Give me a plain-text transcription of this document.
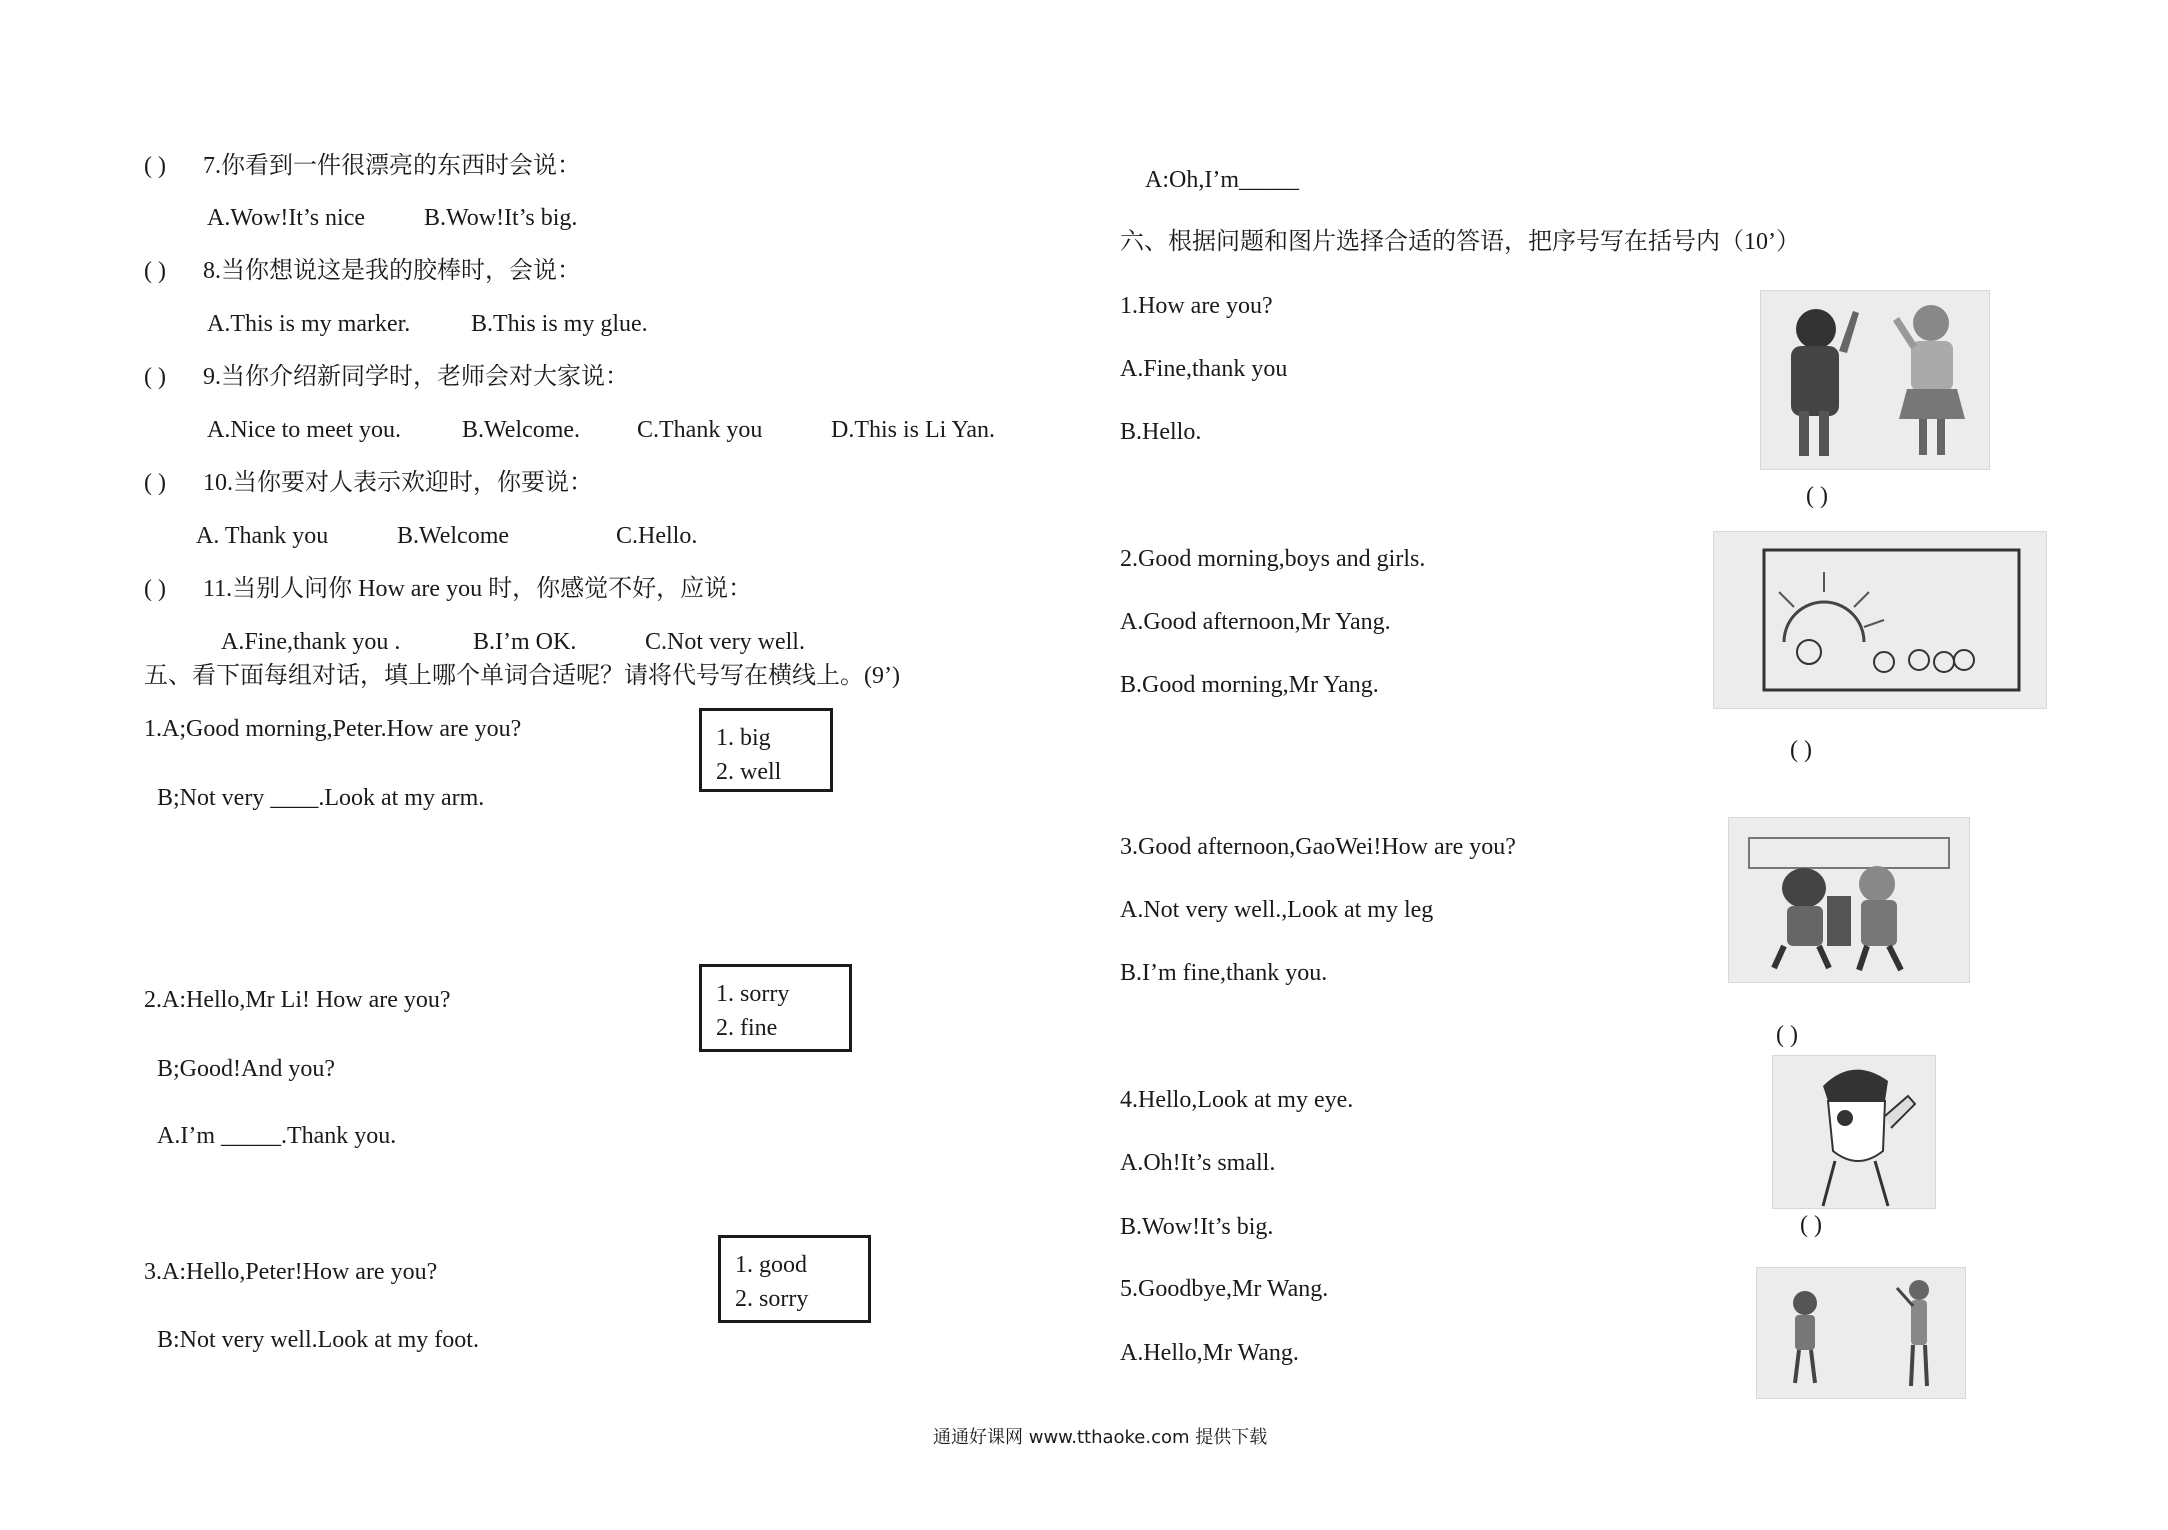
( ) 7.你看到一件很漂亮的东西时会说：
A.Wow!It’s nice B.Wow!It’s big.
( ) 8.当你想说这是我的胶棒时，会说：
A.This is my marker.	B.This is my glue.
( ) 9.当你介绍新同学时，老师会对大家说：
A.Nice to meet you.	B.Welcome. C.Thank you	D.This is Li Yan.
( ) 10.当你要对人表示欢迎时，你要说：
A. Thank you	B.Welcome	C.Hello.
( ) 11.当别人问你 How are you 时，你感觉不好，应说：
A.Fine,thank you .	B.I’m OK.	C.Not very well.
五、看下面每组对话，填上哪个单词合适呢？请将代号写在横线上。(9’)
1.A;Good morning,Peter.How are you?
B;Not very ____.Look at my arm.
1. big
2. well
2.A:Hello,Mr Li! How are you?
B;Good!And you?
A.I’m _____.Thank you.
1. sorry
2. fine
3.A:Hello,Peter!How are you?
B:Not very well.Look at my foot.
1. good
2. sorry
A:Oh,I’m_____
六、根据问题和图片选择合适的答语，把序号写在括号内（10’）
1.How are you?
A.Fine,thank you
B.Hello.
( )
2.Good morning,boys and girls.
A.Good afternoon,Mr Yang.
B.Good morning,Mr Yang.
( )
3.Good afternoon,GaoWei!How are you?
A.Not very well.,Look at my leg
B.I’m fine,thank you.
( )
4.Hello,Look at my eye.
A.Oh!It’s small.
B.Wow!It’s big.	( )
5.Goodbye,Mr Wang.
A.Hello,Mr Wang.
通通好课网 www.tthaoke.com 提供下载
